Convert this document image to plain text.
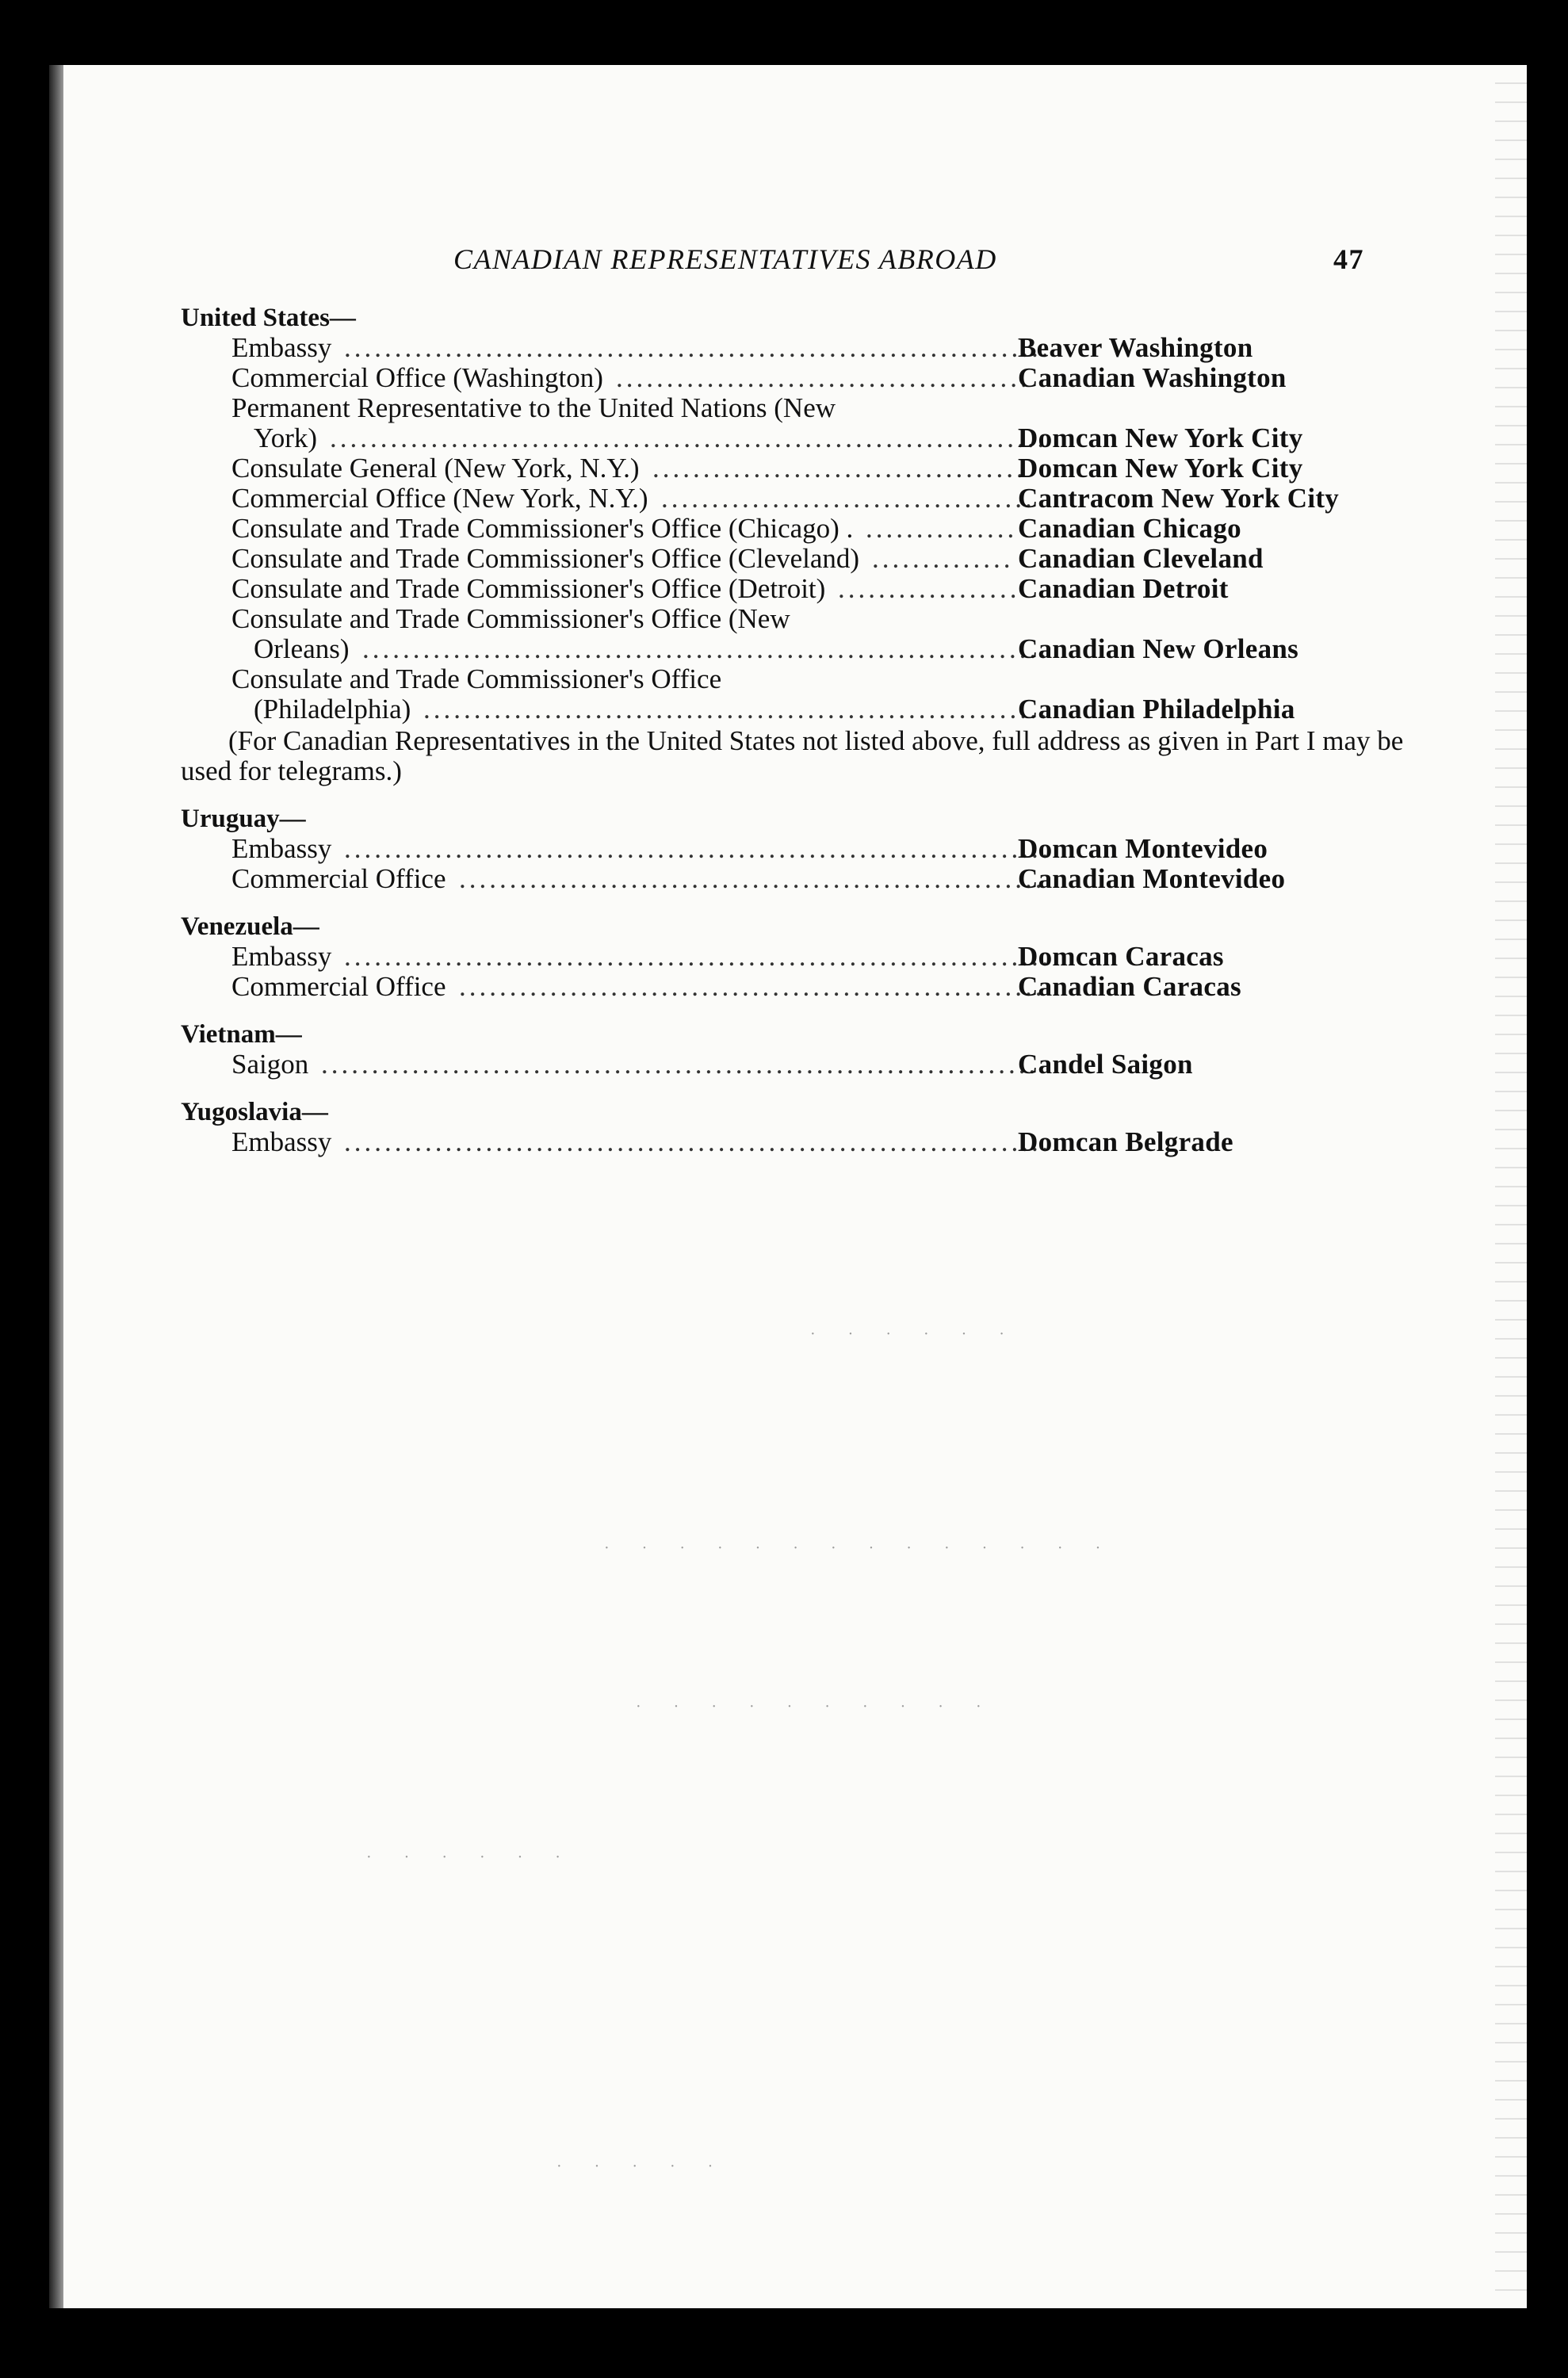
CANADIAN REPRESENTATIVES ABROAD	47
United States—
Embassy ......................................................................
Beaver Washington
Commercial Office (Washington) .........................................
Canadian Washington
Permanent Representative to the United Nations (New
York) .......................................................................
Domcan New York City
Consulate General (New York, N.Y.) .....................................
Domcan New York City
Commercial Office (New York, N.Y.) .....................................
Cantracom New York City
Consulate and Trade Commissioner's Office (Chicago) . ............... Canadian Chicago
Consulate and Trade Commissioner's Office (Cleveland) .............. Canadian Cleveland
Consulate and Trade Commissioner's Office (Detroit) ..................
Canadian Detroit
Consulate and Trade Commissioner's Office (New
Orleans) ....................................................................
Canadian New Orleans
Consulate and Trade Commissioner's Office
(Philadelphia) ..............................................................
Canadian Philadelphia
(For Canadian Representatives in the United States not listed above, full address as given in Part I may be used for telegrams.)
Uruguay—
Embassy ......................................................................
Domcan Montevideo
Commercial Office ..........................................................
Canadian Montevideo
Venezuela—
Embassy ......................................................................
Domcan Caracas
Commercial Office ..........................................................
Canadian Caracas
Vietnam—
Saigon ........................................................................
Candel Saigon
Yugoslavia—
Embassy ......................................................................
Domcan Belgrade
· · · · · ·
· · · · · · · · · · · · · ·
· · · · · · · · · ·
· · · · · ·
· · · · ·
